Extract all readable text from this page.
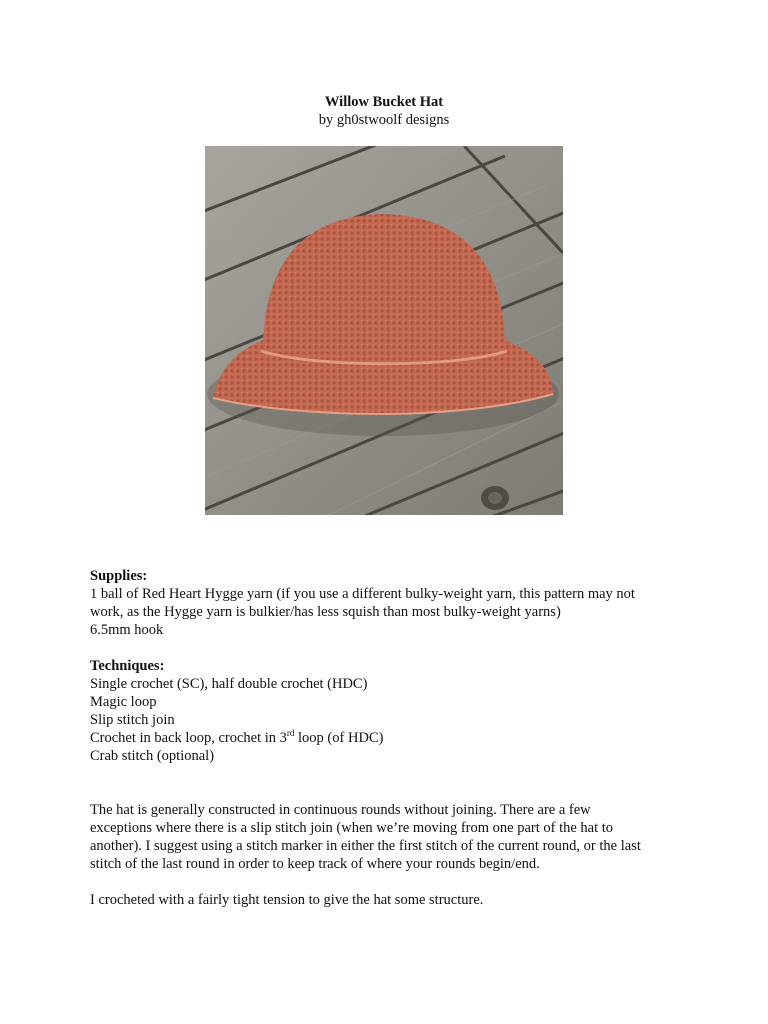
Willow Bucket Hat
by gh0stwoolf designs
Supplies:
1 ball of Red Heart Hygge yarn (if you use a different bulky-weight yarn, this pattern may not
work, as the Hygge yarn is bulkier/has less squish than most bulky-weight yarns)
6.5mm hook
Techniques:
Single crochet (SC), half double crochet (HDC)
Magic loop
Slip stitch join
Crochet in back loop, crochet in 3rd loop (of HDC)
Crab stitch (optional)
The hat is generally constructed in continuous rounds without joining. There are a few
exceptions where there is a slip stitch join (when we’re moving from one part of the hat to
another). I suggest using a stitch marker in either the first stitch of the current round, or the last
stitch of the last round in order to keep track of where your rounds begin/end.
I crocheted with a fairly tight tension to give the hat some structure.
